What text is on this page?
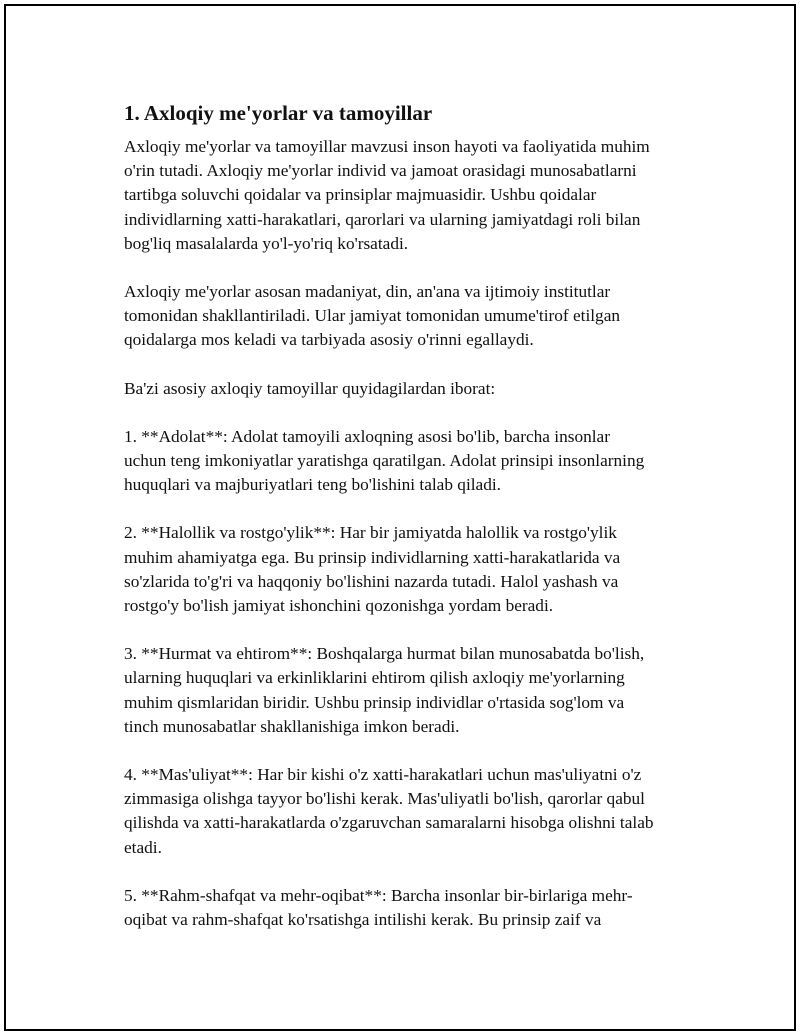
1. Axloqiy me'yorlar va tamoyillar

Axloqiy me'yorlar va tamoyillar mavzusi inson hayoti va faoliyatida muhim
o'rin tutadi. Axloqiy me'yorlar individ va jamoat orasidagi munosabatlarni
tartibga soluvchi qoidalar va prinsiplar majmuasidir. Ushbu qoidalar
individlarning xatti-harakatlari, qarorlari va ularning jamiyatdagi roli bilan
bog'liq masalalarda yo'l-yo'riq ko'rsatadi.

Axloqiy me'yorlar asosan madaniyat, din, an'ana va ijtimoiy institutlar
tomonidan shakllantiriladi. Ular jamiyat tomonidan umume'tirof etilgan
qoidalarga mos keladi va tarbiyada asosiy o'rinni egallaydi.

Ba'zi asosiy axloqiy tamoyillar quyidagilardan iborat:

1. **Adolat**: Adolat tamoyili axloqning asosi bo'lib, barcha insonlar
uchun teng imkoniyatlar yaratishga qaratilgan. Adolat prinsipi insonlarning
huquqlari va majburiyatlari teng bo'lishini talab qiladi.

2. **Halollik va rostgo'ylik**: Har bir jamiyatda halollik va rostgo'ylik
muhim ahamiyatga ega. Bu prinsip individlarning xatti-harakatlarida va
so'zlarida to'g'ri va haqqoniy bo'lishini nazarda tutadi. Halol yashash va
rostgo'y bo'lish jamiyat ishonchini qozonishga yordam beradi.

3. **Hurmat va ehtirom**: Boshqalarga hurmat bilan munosabatda bo'lish,
ularning huquqlari va erkinliklarini ehtirom qilish axloqiy me'yorlarning
muhim qismlaridan biridir. Ushbu prinsip individlar o'rtasida sog'lom va
tinch munosabatlar shakllanishiga imkon beradi.

4. **Mas'uliyat**: Har bir kishi o'z xatti-harakatlari uchun mas'uliyatni o'z
zimmasiga olishga tayyor bo'lishi kerak. Mas'uliyatli bo'lish, qarorlar qabul
qilishda va xatti-harakatlarda o'zgaruvchan samaralarni hisobga olishni talab
etadi.

5. **Rahm-shafqat va mehr-oqibat**: Barcha insonlar bir-birlariga mehr-
oqibat va rahm-shafqat ko'rsatishga intilishi kerak. Bu prinsip zaif va
